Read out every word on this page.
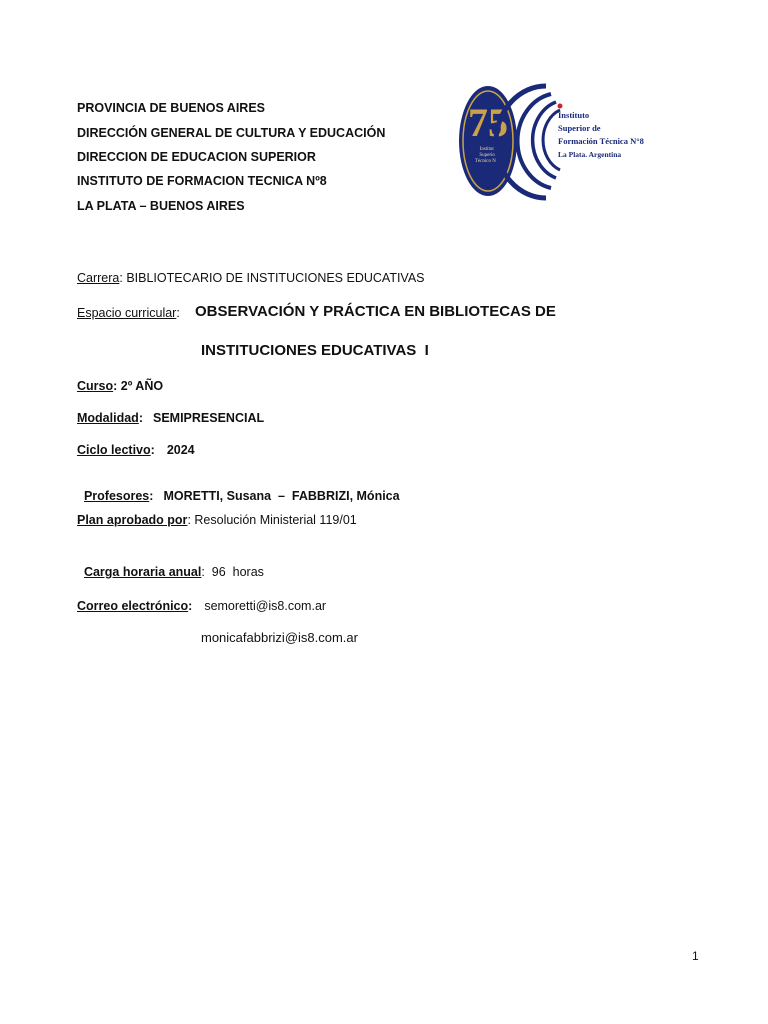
PROVINCIA DE BUENOS AIRES
DIRECCIÓN GENERAL DE CULTURA Y EDUCACIÓN
DIRECCION DE EDUCACION SUPERIOR
INSTITUTO DE FORMACION TECNICA Nº8
LA PLATA – BUENOS AIRES
75
Instituto
Superior
Técnico Nº 8
Instituto
Superior de
Formación Técnica N°8
La Plata. Argentina
Carrera: BIBLIOTECARIO DE INSTITUCIONES EDUCATIVAS
Espacio curricular: OBSERVACIÓN Y PRÁCTICA EN BIBLIOTECAS DE
INSTITUCIONES EDUCATIVAS  I
Curso: 2º AÑO
Modalidad: SEMIPRESENCIAL
Ciclo lectivo: 2024

Profesores: MORETTI, Susana  –  FABBRIZI, Mónica

Plan aprobado por: Resolución Ministerial 119/01

Carga horaria anual:  96  horas

Correo electrónico: semoretti@is8.com.ar
monicafabbrizi@is8.com.ar
1
